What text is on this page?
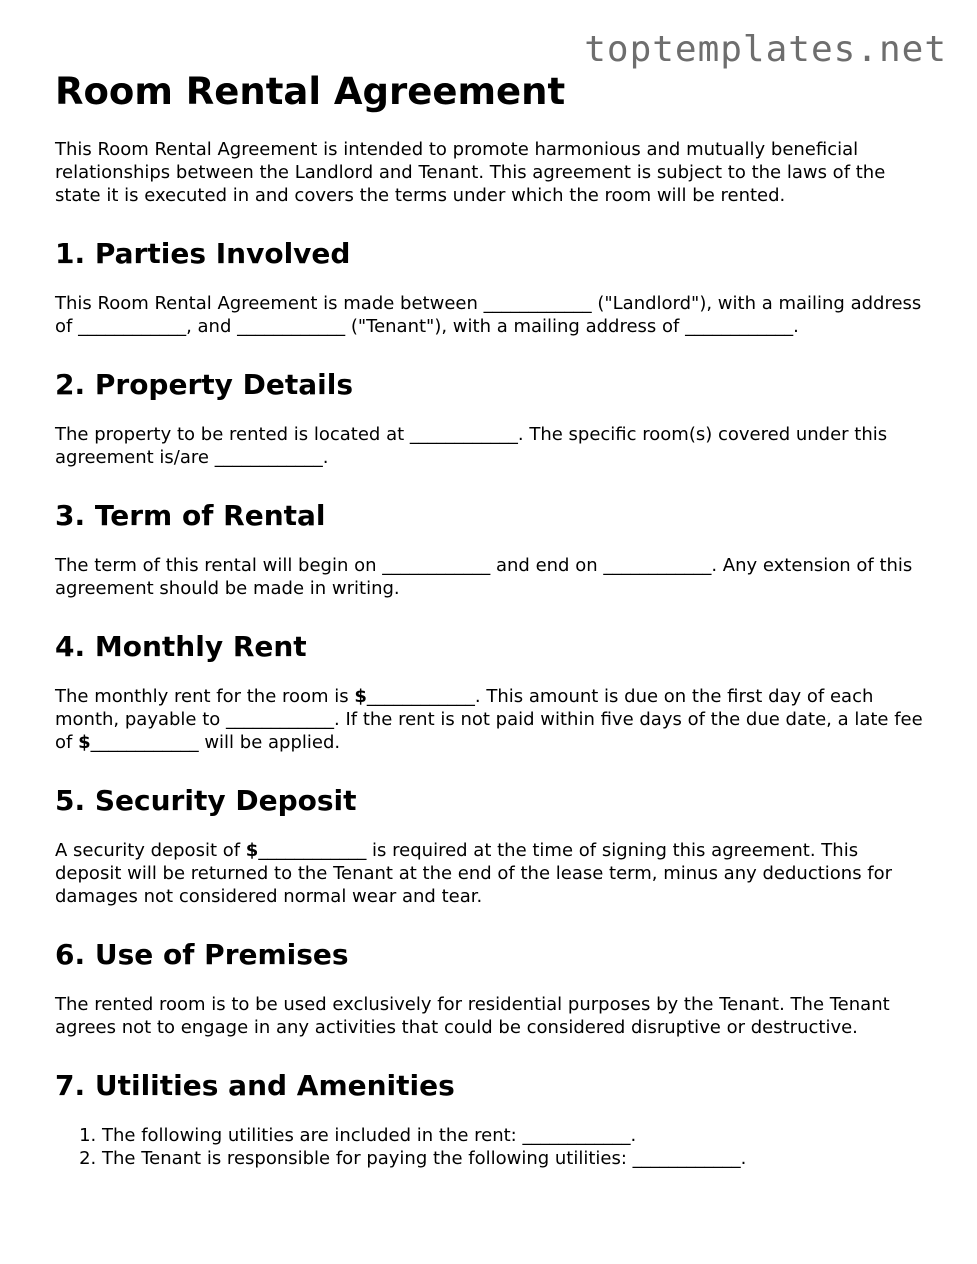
toptemplates.net
Room Rental Agreement

This Room Rental Agreement is intended to promote harmonious and mutually beneficial relationships between the Landlord and Tenant. This agreement is subject to the laws of the state it is executed in and covers the terms under which the room will be rented.

1. Parties Involved

This Room Rental Agreement is made between ____________ ("Landlord"), with a mailing address of ____________, and ____________ ("Tenant"), with a mailing address of ____________.

2. Property Details

The property to be rented is located at ____________. The specific room(s) covered under this agreement is/are ____________.

3. Term of Rental

The term of this rental will begin on ____________ and end on ____________. Any extension of this agreement should be made in writing.

4. Monthly Rent

The monthly rent for the room is $____________. This amount is due on the first day of each month, payable to ____________. If the rent is not paid within five days of the due date, a late fee of $____________ will be applied.

5. Security Deposit

A security deposit of $____________ is required at the time of signing this agreement. This deposit will be returned to the Tenant at the end of the lease term, minus any deductions for damages not considered normal wear and tear.

6. Use of Premises

The rented room is to be used exclusively for residential purposes by the Tenant. The Tenant agrees not to engage in any activities that could be considered disruptive or destructive.

7. Utilities and Amenities
1. The following utilities are included in the rent: ____________.
2. The Tenant is responsible for paying the following utilities: ____________.
